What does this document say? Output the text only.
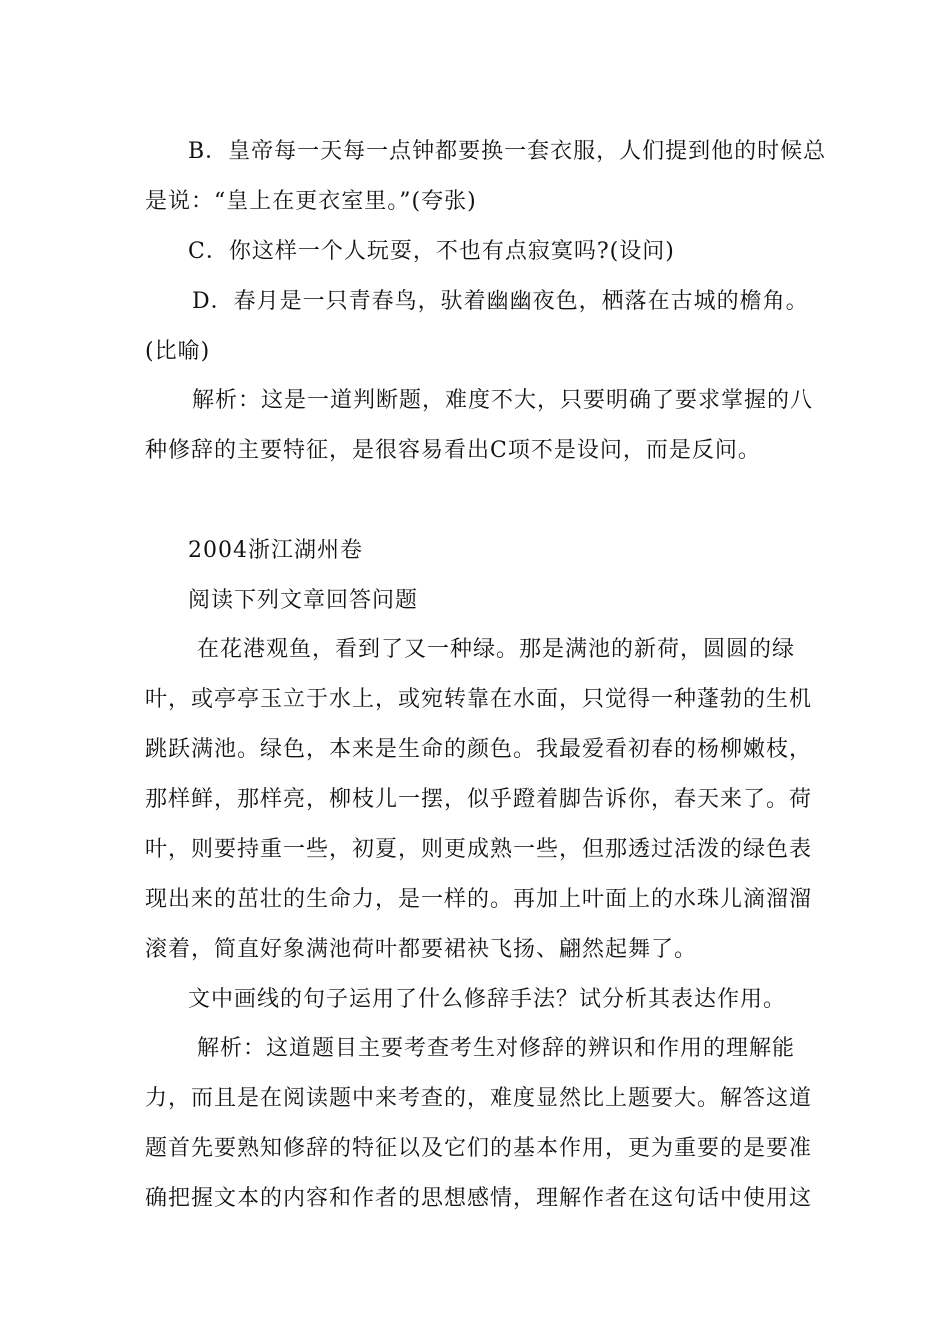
B．皇帝每一天每一点钟都要换一套衣服，人们提到他的时候总
是说：“皇上在更衣室里。”(夸张)
C．你这样一个人玩耍，不也有点寂寞吗?(设问)
D．春月是一只青春鸟，驮着幽幽夜色，栖落在古城的檐角。
(比喻)
解析：这是一道判断题，难度不大，只要明确了要求掌握的八
种修辞的主要特征，是很容易看出C项不是设问，而是反问。
2004浙江湖州卷
阅读下列文章回答问题
在花港观鱼，看到了又一种绿。那是满池的新荷，圆圆的绿
叶，或亭亭玉立于水上，或宛转靠在水面，只觉得一种蓬勃的生机
跳跃满池。绿色，本来是生命的颜色。我最爱看初春的杨柳嫩枝，
那样鲜，那样亮，柳枝儿一摆，似乎蹬着脚告诉你，春天来了。荷
叶，则要持重一些，初夏，则更成熟一些，但那透过活泼的绿色表
现出来的茁壮的生命力，是一样的。再加上叶面上的水珠儿滴溜溜
滚着，简直好象满池荷叶都要裙袂飞扬、翩然起舞了。
文中画线的句子运用了什么修辞手法？试分析其表达作用。
解析：这道题目主要考查考生对修辞的辨识和作用的理解能
力，而且是在阅读题中来考查的，难度显然比上题要大。解答这道
题首先要熟知修辞的特征以及它们的基本作用，更为重要的是要准
确把握文本的内容和作者的思想感情，理解作者在这句话中使用这
